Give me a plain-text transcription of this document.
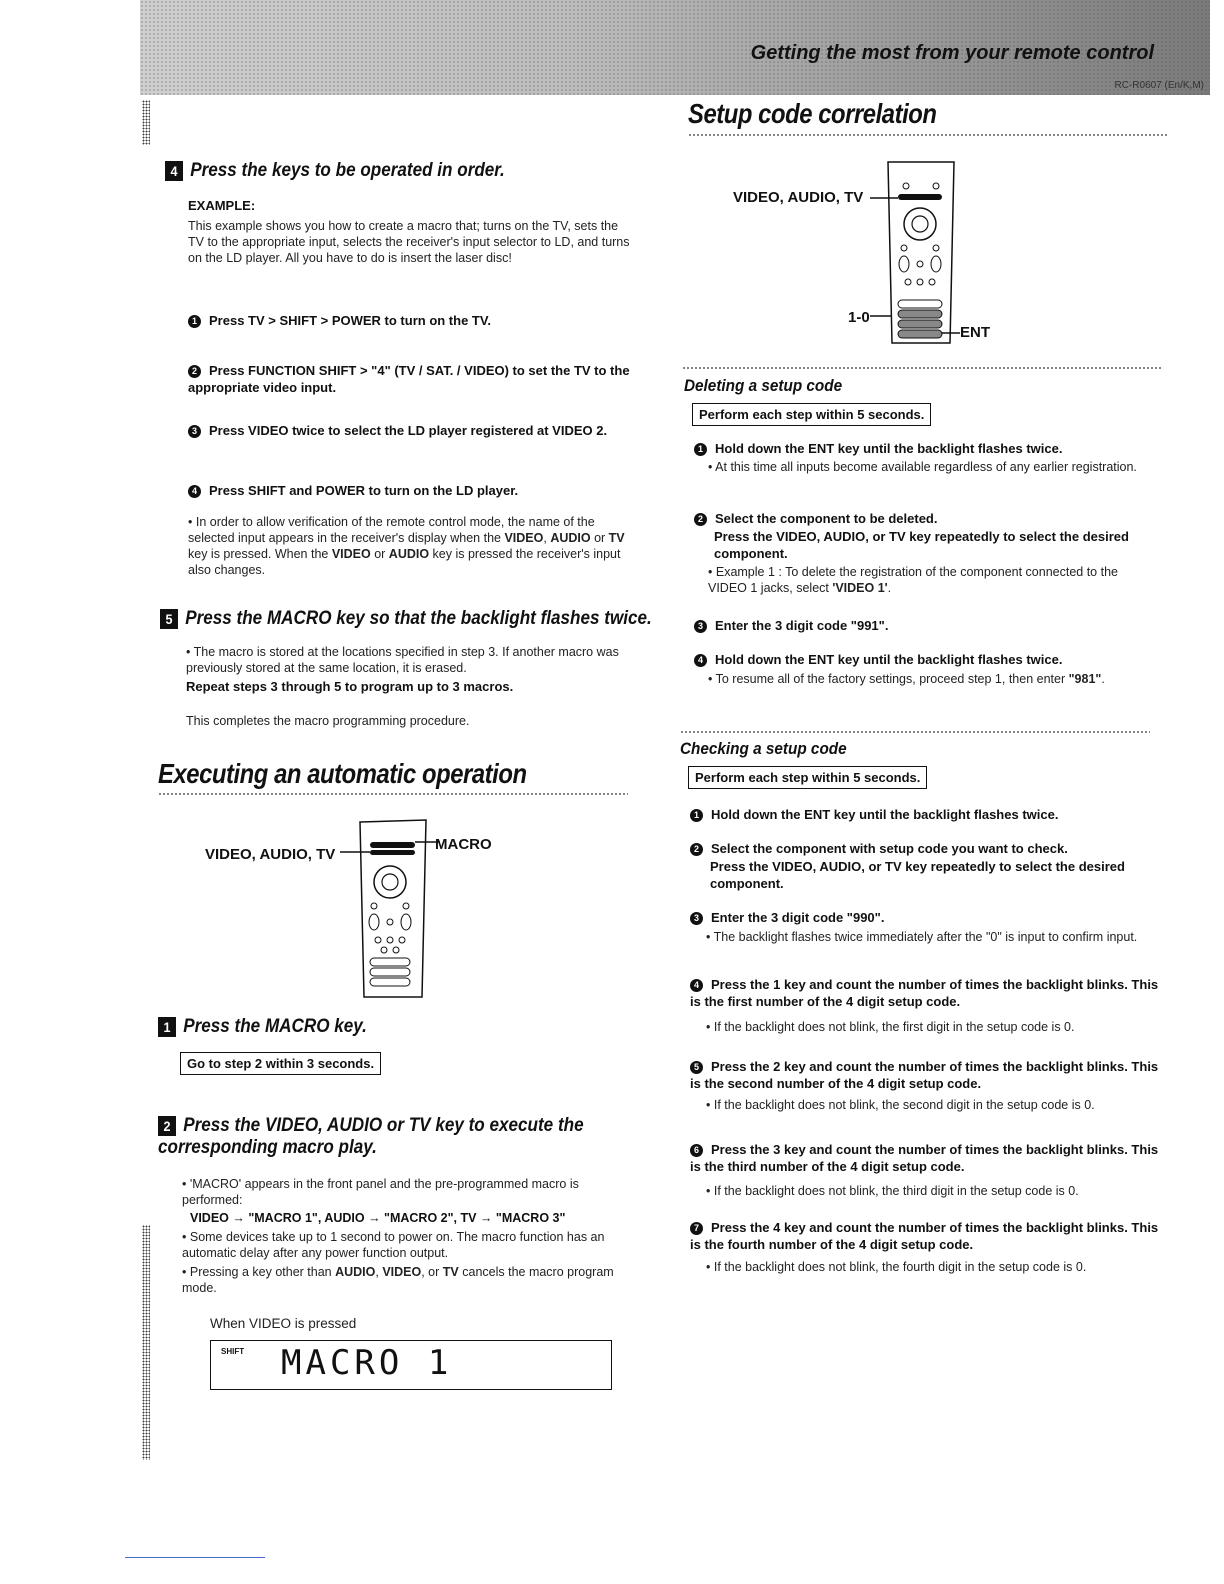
Getting the most from your remote control
RC-R0607 (En/K,M)
4 Press the keys to be operated in order.
EXAMPLE:
This example shows you how to create a macro that; turns on the TV, sets the TV to the appropriate input, selects the receiver's input selector to LD, and turns on the LD player. All you have to do is insert the laser disc!
1 Press TV > SHIFT > POWER to turn on the TV.
2 Press FUNCTION SHIFT > "4" (TV / SAT. / VIDEO) to set the TV to the appropriate video input.
3 Press VIDEO twice to select the LD player registered at VIDEO 2.
4 Press SHIFT and POWER to turn on the LD player.
• In order to allow verification of the remote control mode, the name of the selected input appears in the receiver's display when the VIDEO, AUDIO or TV key is pressed. When the VIDEO or AUDIO key is pressed the receiver's input also changes.
5 Press the MACRO key so that the backlight flashes twice.
• The macro is stored at the locations specified in step 3. If another macro was previously stored at the same location, it is erased.
Repeat steps 3 through 5 to program up to 3 macros.
This completes the macro programming procedure.
Executing an automatic operation
VIDEO, AUDIO, TV
MACRO
1 Press the MACRO key.
Go to step 2 within 3 seconds.
2 Press the VIDEO, AUDIO or TV key to execute the corresponding macro play.
• 'MACRO' appears in the front panel and the pre-programmed macro is performed:
VIDEO → "MACRO 1", AUDIO → "MACRO 2", TV → "MACRO 3"
• Some devices take up to 1 second to power on. The macro function has an automatic delay after any power function output.
• Pressing a key other than AUDIO, VIDEO, or TV cancels the macro program mode.
When VIDEO is pressed
SHIFT MACRO 1
Setup code correlation
VIDEO, AUDIO, TV
1-0
ENT
Deleting a setup code
Perform each step within 5 seconds.
1 Hold down the ENT key until the backlight flashes twice.
• At this time all inputs become available regardless of any earlier registration.
2 Select the component to be deleted.
Press the VIDEO, AUDIO, or TV key repeatedly to select the desired component.
• Example 1 : To delete the registration of the component connected to the VIDEO 1 jacks, select 'VIDEO 1'.
3 Enter the 3 digit code "991".
4 Hold down the ENT key until the backlight flashes twice.
• To resume all of the factory settings, proceed step 1, then enter "981".
Checking a setup code
Perform each step within 5 seconds.
1 Hold down the ENT key until the backlight flashes twice.
2 Select the component with setup code you want to check.
Press the VIDEO, AUDIO, or TV key repeatedly to select the desired component.
3 Enter the 3 digit code "990".
• The backlight flashes twice immediately after the "0" is input to confirm input.
4 Press the 1 key and count the number of times the backlight blinks. This is the first number of the 4 digit setup code.
• If the backlight does not blink, the first digit in the setup code is 0.
5 Press the 2 key and count the number of times the backlight blinks. This is the second number of the 4 digit setup code.
• If the backlight does not blink, the second digit in the setup code is 0.
6 Press the 3 key and count the number of times the backlight blinks. This is the third number of the 4 digit setup code.
• If the backlight does not blink, the third digit in the setup code is 0.
7 Press the 4 key and count the number of times the backlight blinks. This is the fourth number of the 4 digit setup code.
• If the backlight does not blink, the fourth digit in the setup code is 0.
